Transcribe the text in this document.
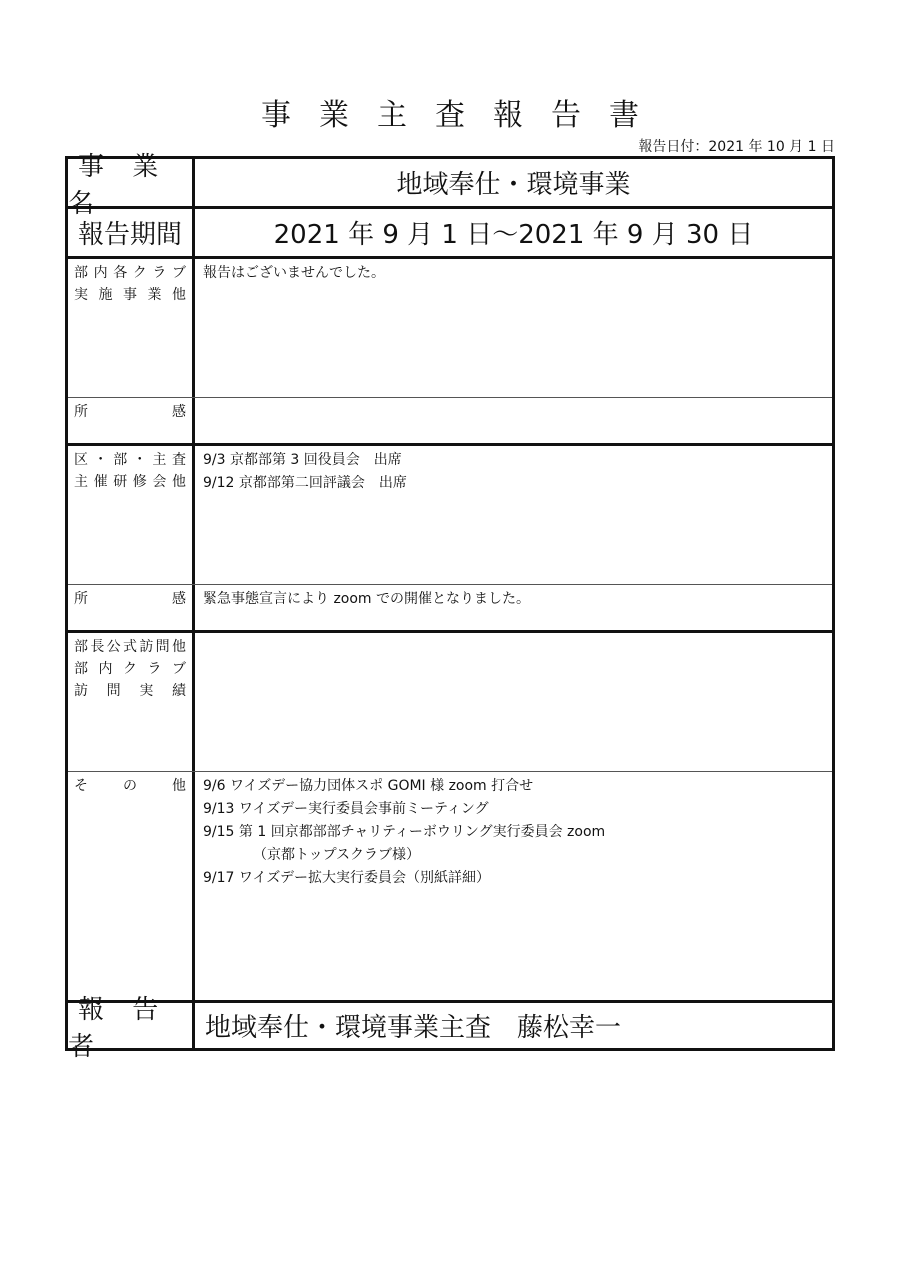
事業主査報告書
報告日付：2021 年 10 月 1 日
事 業 名
地域奉仕・環境事業
報告期間	2021 年 9 月 1 日～2021 年 9 月 30 日
部内各クラブ
実施事業他
報告はございませんでした。
所　　　感
区・部・主査
主催研修会他
9/3 京都部第 3 回役員会　出席
9/12 京都部第二回評議会　出席
所　　　感 緊急事態宣言により zoom での開催となりました。
部長公式訪問他
部内クラブ
訪問実績
そ　の　他 9/6 ワイズデー協力団体スポ GOMI 様 zoom 打合せ
9/13 ワイズデー実行委員会事前ミーティング
9/15 第 1 回京都部部チャリティーボウリング実行委員会 zoom
（京都トップスクラブ様）
9/17 ワイズデー拡大実行委員会（別紙詳細）
報 告 者
地域奉仕・環境事業主査　藤松幸一
